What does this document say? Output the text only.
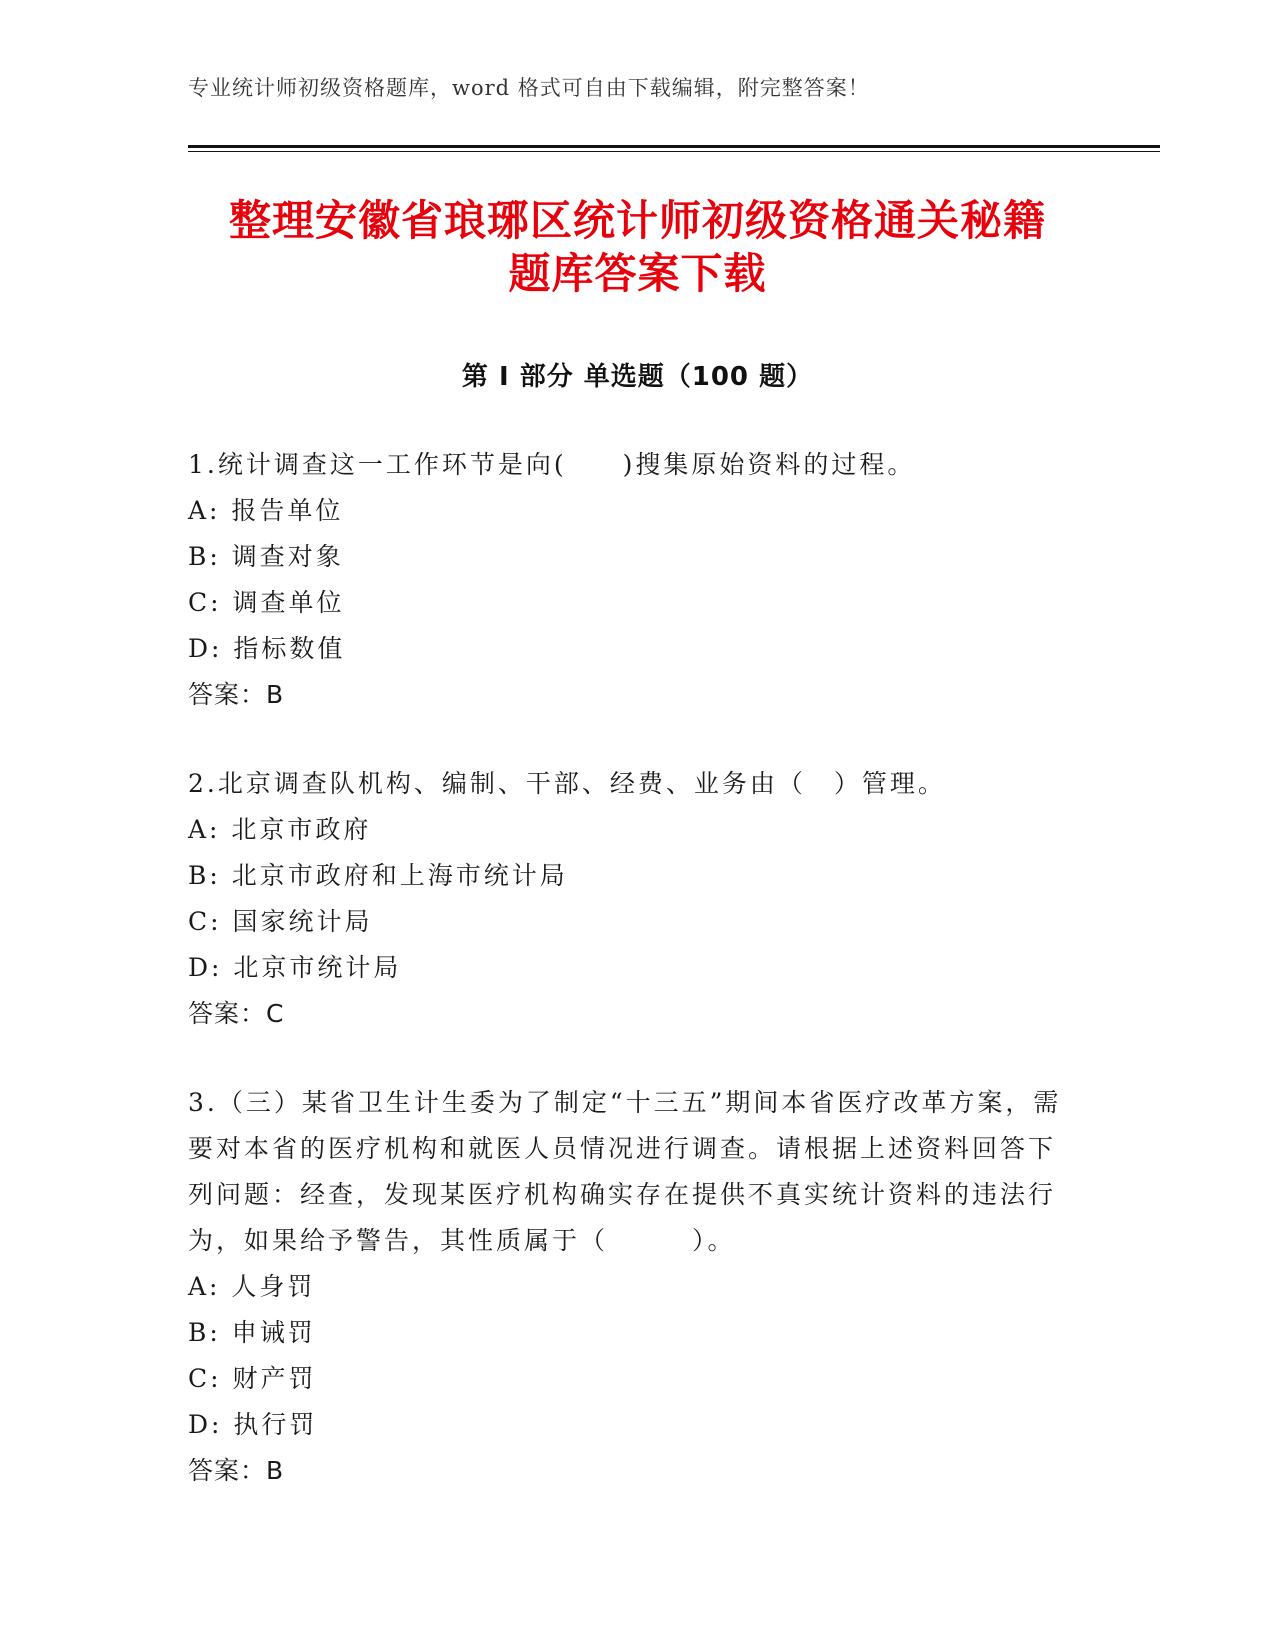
专业统计师初级资格题库，word 格式可自由下载编辑，附完整答案！
整理安徽省琅琊区统计师初级资格通关秘籍
题库答案下载
第 I 部分 单选题（100 题）

1.统计调查这一工作环节是向(　　)搜集原始资料的过程。

A: 报告单位
B: 调查对象
C: 调查单位
D: 指标数值
答案：B

2.北京调查队机构、编制、干部、经费、业务由（　）管理。

A: 北京市政府
B: 北京市政府和上海市统计局
C: 国家统计局
D: 北京市统计局
答案：C

3.（三）某省卫生计生委为了制定“十三五”期间本省医疗改革方案，需要对本省的医疗机构和就医人员情况进行调查。请根据上述资料回答下列问题：经查，发现某医疗机构确实存在提供不真实统计资料的违法行为，如果给予警告，其性质属于（　　　）。

A: 人身罚
B: 申诫罚
C: 财产罚
D: 执行罚
答案：B
